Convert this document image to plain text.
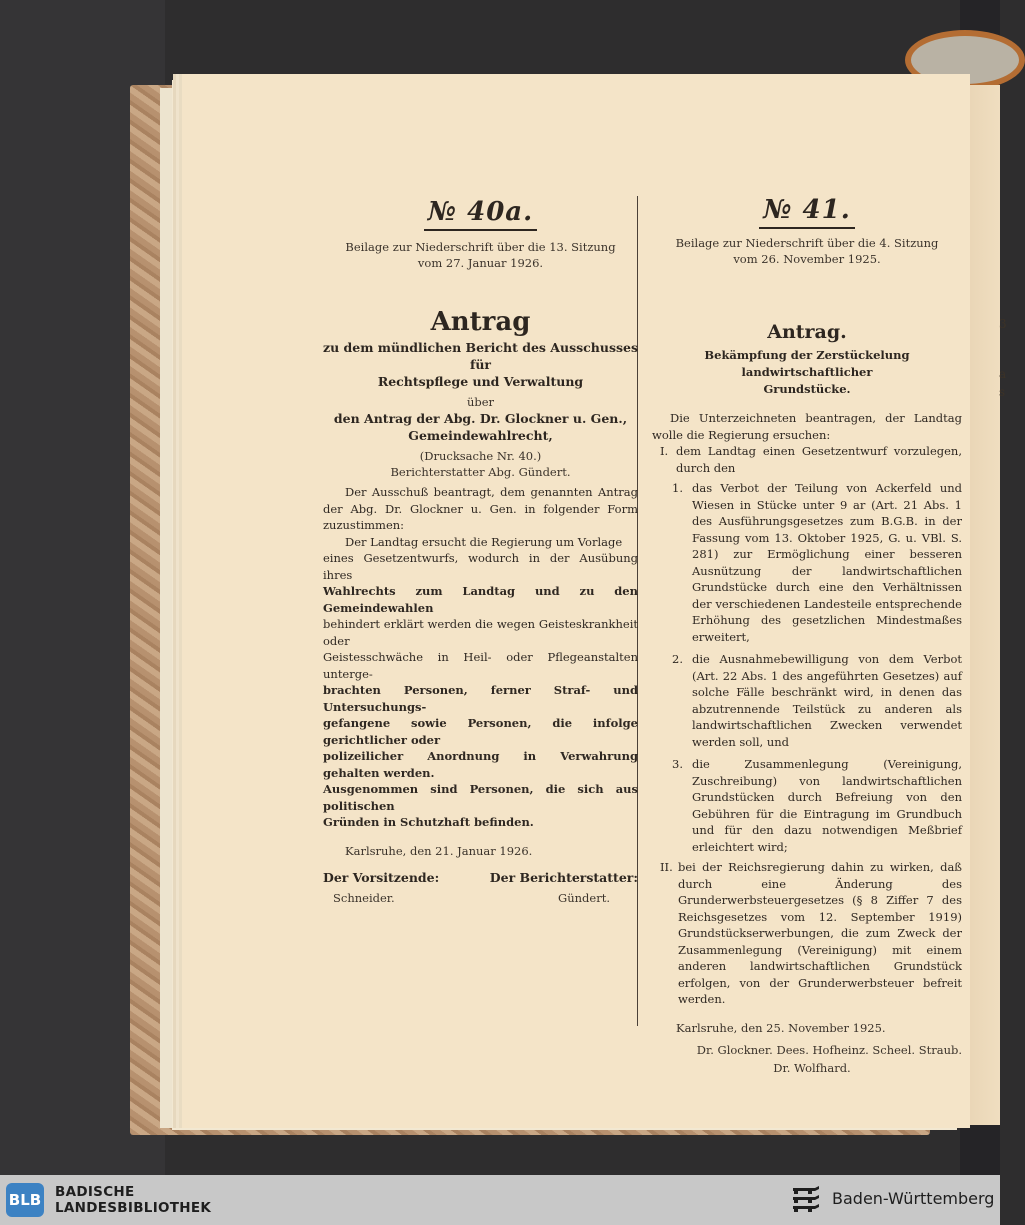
3
a
s
№ 40a.
Beilage zur Niederschrift über die 13. Sitzung
vom 27. Januar 1926.
Antrag
zu dem mündlichen Bericht des Ausschusses für
Rechtspflege und Verwaltung
über
den Antrag der Abg. Dr. Glockner u. Gen.,
Gemeindewahlrecht,
(Drucksache Nr. 40.)
Berichterstatter Abg. Gündert.
Der Ausschuß beantragt, dem genannten Antrag der Abg. Dr. Glockner u. Gen. in folgender Form zuzustimmen:
Der Landtag ersucht die Regierung um Vorlage
eines Gesetzentwurfs, wodurch in der Ausübung ihres
Wahlrechts zum Landtag und zu den Gemeindewahlen
behindert erklärt werden die wegen Geisteskrankheit oder
Geistesschwäche in Heil- oder Pflegeanstalten unterge-
brachten Personen, ferner Straf- und Untersuchungs-
gefangene sowie Personen, die infolge gerichtlicher oder
polizeilicher Anordnung in Verwahrung gehalten werden.
Ausgenommen sind Personen, die sich aus politischen
Gründen in Schutzhaft befinden.
Karlsruhe, den 21. Januar 1926.
Der Vorsitzende:
Schneider.
Der Berichterstatter:
Gündert.
№ 41.
Beilage zur Niederschrift über die 4. Sitzung
vom 26. November 1925.
Antrag.
Bekämpfung der Zerstückelung landwirtschaftlicher
Grundstücke.
Die Unterzeichneten beantragen, der Landtag wolle die Regierung ersuchen:
I. dem Landtag einen Gesetzentwurf vorzulegen, durch den
1. das Verbot der Teilung von Ackerfeld und Wiesen in Stücke unter 9 ar (Art. 21 Abs. 1 des Ausführungsgesetzes zum B.G.B. in der Fassung vom 13. Oktober 1925, G. u. VBl. S. 281) zur Ermöglichung einer besseren Ausnützung der landwirtschaftlichen Grundstücke durch eine den Verhältnissen der verschiedenen Landesteile entsprechende Erhöhung des gesetzlichen Mindestmaßes erweitert,
2. die Ausnahmebewilligung von dem Verbot (Art. 22 Abs. 1 des angeführten Gesetzes) auf solche Fälle beschränkt wird, in denen das abzutrennende Teilstück zu anderen als landwirtschaftlichen Zwecken verwendet werden soll, und
3. die Zusammenlegung (Vereinigung, Zuschreibung) von landwirtschaftlichen Grundstücken durch Befreiung von den Gebühren für die Eintragung im Grundbuch und für den dazu notwendigen Meßbrief erleichtert wird;
II. bei der Reichsregierung dahin zu wirken, daß durch eine Änderung des Grunderwerbsteuergesetzes (§ 8 Ziffer 7 des Reichsgesetzes vom 12. September 1919) Grundstückserwerbungen, die zum Zweck der Zusammenlegung (Vereinigung) mit einem anderen landwirtschaftlichen Grundstück erfolgen, von der Grunderwerbsteuer befreit werden.
Karlsruhe, den 25. November 1925.
Dr. Glockner. Dees. Hofheinz. Scheel. Straub.
Dr. Wolfhard.
BLB BADISCHE
LANDESBIBLIOTHEK	Baden-Württemberg
